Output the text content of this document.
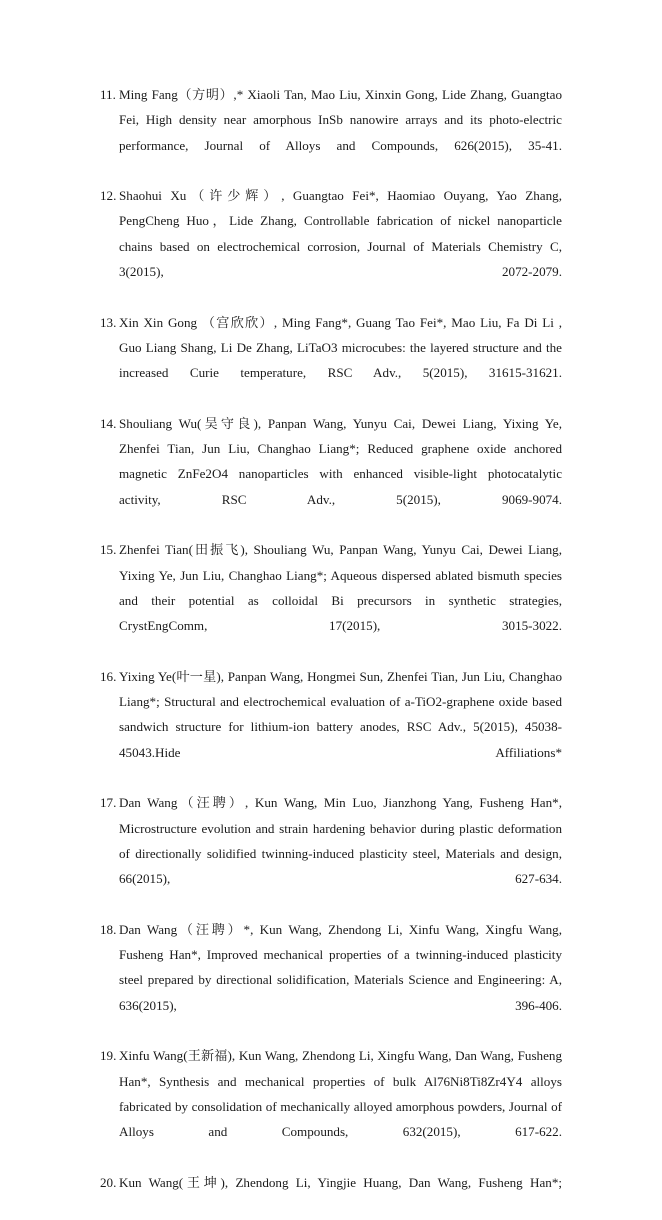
11. Ming Fang（方明）,* Xiaoli Tan, Mao Liu, Xinxin Gong, Lide Zhang, Guangtao Fei, High density near amorphous InSb nanowire arrays and its photo-electric performance, Journal of Alloys and Compounds, 626(2015), 35-41.
12. Shaohui Xu（许少辉）, Guangtao Fei*, Haomiao Ouyang, Yao Zhang, PengCheng Huo，Lide Zhang, Controllable fabrication of nickel nanoparticle chains based on electrochemical corrosion, Journal of Materials Chemistry C, 3(2015), 2072-2079.
13. Xin Xin Gong （宫欣欣）, Ming Fang*, Guang Tao Fei*, Mao Liu, Fa Di Li , Guo Liang Shang, Li De Zhang, LiTaO3 microcubes: the layered structure and the increased Curie temperature, RSC Adv., 5(2015), 31615-31621.
14. Shouliang Wu(吴守良), Panpan Wang, Yunyu Cai, Dewei Liang, Yixing Ye, Zhenfei Tian, Jun Liu, Changhao Liang*; Reduced graphene oxide anchored magnetic ZnFe2O4 nanoparticles with enhanced visible-light photocatalytic activity, RSC Adv., 5(2015), 9069-9074.
15. Zhenfei Tian(田振飞), Shouliang Wu, Panpan Wang, Yunyu Cai, Dewei Liang, Yixing Ye, Jun Liu, Changhao Liang*; Aqueous dispersed ablated bismuth species and their potential as colloidal Bi precursors in synthetic strategies, CrystEngComm, 17(2015), 3015-3022.
16. Yixing Ye(叶一星), Panpan Wang, Hongmei Sun, Zhenfei Tian, Jun Liu, Changhao Liang*; Structural and electrochemical evaluation of a-TiO2-graphene oxide based sandwich structure for lithium-ion battery anodes, RSC Adv., 5(2015), 45038-45043.Hide Affiliations*
17. Dan Wang（汪聘）, Kun Wang, Min Luo, Jianzhong Yang, Fusheng Han*, Microstructure evolution and strain hardening behavior during plastic deformation of directionally solidified twinning-induced plasticity steel, Materials and design, 66(2015), 627-634.
18. Dan Wang（汪聘）*, Kun Wang, Zhendong Li, Xinfu Wang, Xingfu Wang, Fusheng Han*, Improved mechanical properties of a twinning-induced plasticity steel prepared by directional solidification, Materials Science and Engineering: A, 636(2015), 396-406.
19. Xinfu Wang(王新福), Kun Wang, Zhendong Li, Xingfu Wang, Dan Wang, Fusheng Han*, Synthesis and mechanical properties of bulk Al76Ni8Ti8Zr4Y4 alloys fabricated by consolidation of mechanically alloyed amorphous powders, Journal of Alloys and Compounds, 632(2015), 617-622.
20. Kun Wang(王坤), Zhendong Li, Yingjie Huang, Dan Wang, Fusheng Han*;
